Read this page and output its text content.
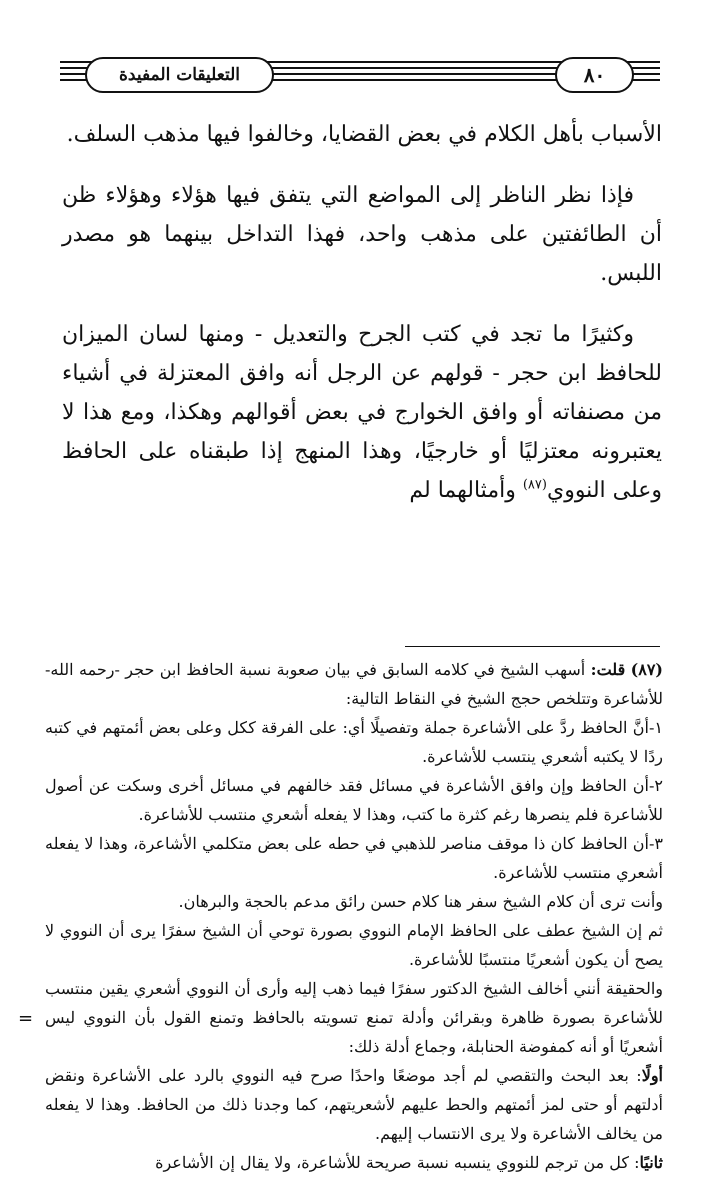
٨٠
التعليقات المفيدة

الأسباب بأهل الكلام في بعض القضايا، وخالفوا فيها مذهب السلف.

فإذا نظر الناظر إلى المواضع التي يتفق فيها هؤلاء وهؤلاء ظن أن الطائفتين على مذهب واحد، فهذا التداخل بينهما هو مصدر اللبس.

وكثيرًا ما تجد في كتب الجرح والتعديل - ومنها لسان الميزان للحافظ ابن حجر - قولهم عن الرجل أنه وافق المعتزلة في أشياء من مصنفاته أو وافق الخوارج في بعض أقوالهم وهكذا، ومع هذا لا يعتبرونه معتزليًا أو خارجيًا، وهذا المنهج إذا طبقناه على الحافظ وعلى النووي$^{(٨٧)}$ وأمثالهما لم

(٨٧) قلت: أسهب الشيخ في كلامه السابق في بيان صعوبة نسبة الحافظ ابن حجر -رحمه الله- للأشاعرة وتتلخص حجج الشيخ في النقاط التالية:

١-أنَّ الحافظ ردَّ على الأشاعرة جملة وتفصيلًا أي: على الفرقة ككل وعلى بعض أئمتهم في كتبه ردًا لا يكتبه أشعري ينتسب للأشاعرة.

٢-أن الحافظ وإن وافق الأشاعرة في مسائل فقد خالفهم في مسائل أخرى وسكت عن أصول للأشاعرة فلم ينصرها رغم كثرة ما كتب، وهذا لا يفعله أشعري منتسب للأشاعرة.

٣-أن الحافظ كان ذا موقف مناصر للذهبي في حطه على بعض متكلمي الأشاعرة، وهذا لا يفعله أشعري منتسب للأشاعرة.

وأنت ترى أن كلام الشيخ سفر هنا كلام حسن رائق مدعم بالحجة والبرهان.

ثم إن الشيخ عطف على الحافظ الإمام النووي بصورة توحي أن الشيخ سفرًا يرى أن النووي لا يصح أن يكون أشعريًا منتسبًا للأشاعرة.

والحقيقة أنني أخالف الشيخ الدكتور سفرًا فيما ذهب إليه وأرى أن النووي أشعري يقين منتسب للأشاعرة بصورة ظاهرة وبقرائن وأدلة تمنع تسويته بالحافظ وتمنع القول بأن النووي ليس أشعريًا أو أنه كمفوضة الحنابلة، وجماع أدلة ذلك:

أولًا: بعد البحث والتقصي لم أجد موضعًا واحدًا صرح فيه النووي بالرد على الأشاعرة ونقض أدلتهم أو حتى لمز أئمتهم والحط عليهم لأشعريتهم، كما وجدنا ذلك من الحافظ. وهذا لا يفعله من يخالف الأشاعرة ولا يرى الانتساب إليهم.

ثانيًا: كل من ترجم للنووي ينسبه نسبة صريحة للأشاعرة، ولا يقال إن الأشاعرة

=
